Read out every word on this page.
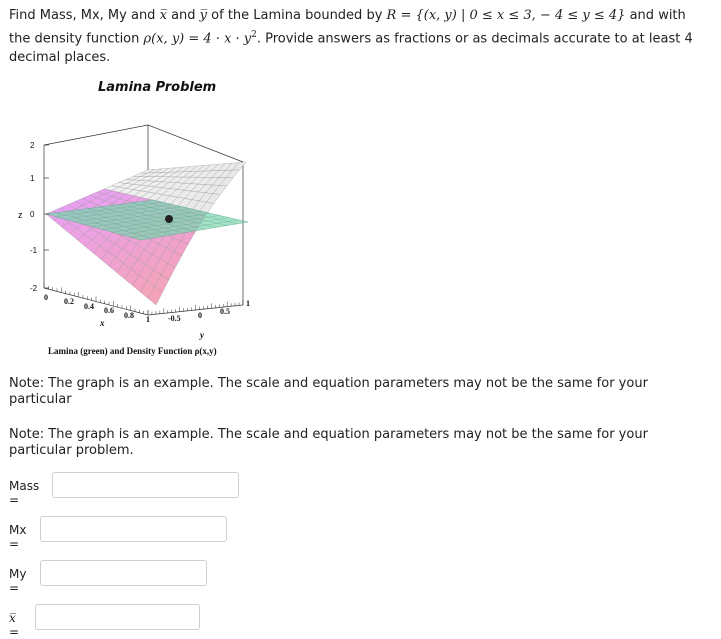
Find Mass, Mx, My and x̅ and y̅ of the Lamina bounded by R = {(x, y) | 0 ≤ x ≤ 3, − 4 ≤ y ≤ 4} and with the density function ρ(x, $y) = 4 \cdot x \cdot y^2$. Provide answers as fractions or as decimals accurate to at least 4 decimal places.
Lamina Problem
2
1
0
-1
-2
z
0 0.2
0.4 0.6
0.8 1
x	-0.5 0 0.5
1
y
Lamina (green) and Density Function ρ(x,y)
Note: The graph is an example. The scale and equation parameters may not be the same for your particular
Note: The graph is an example. The scale and equation parameters may not be the same for your particular problem.
Mass =
Mx =
My =
x̅ =
